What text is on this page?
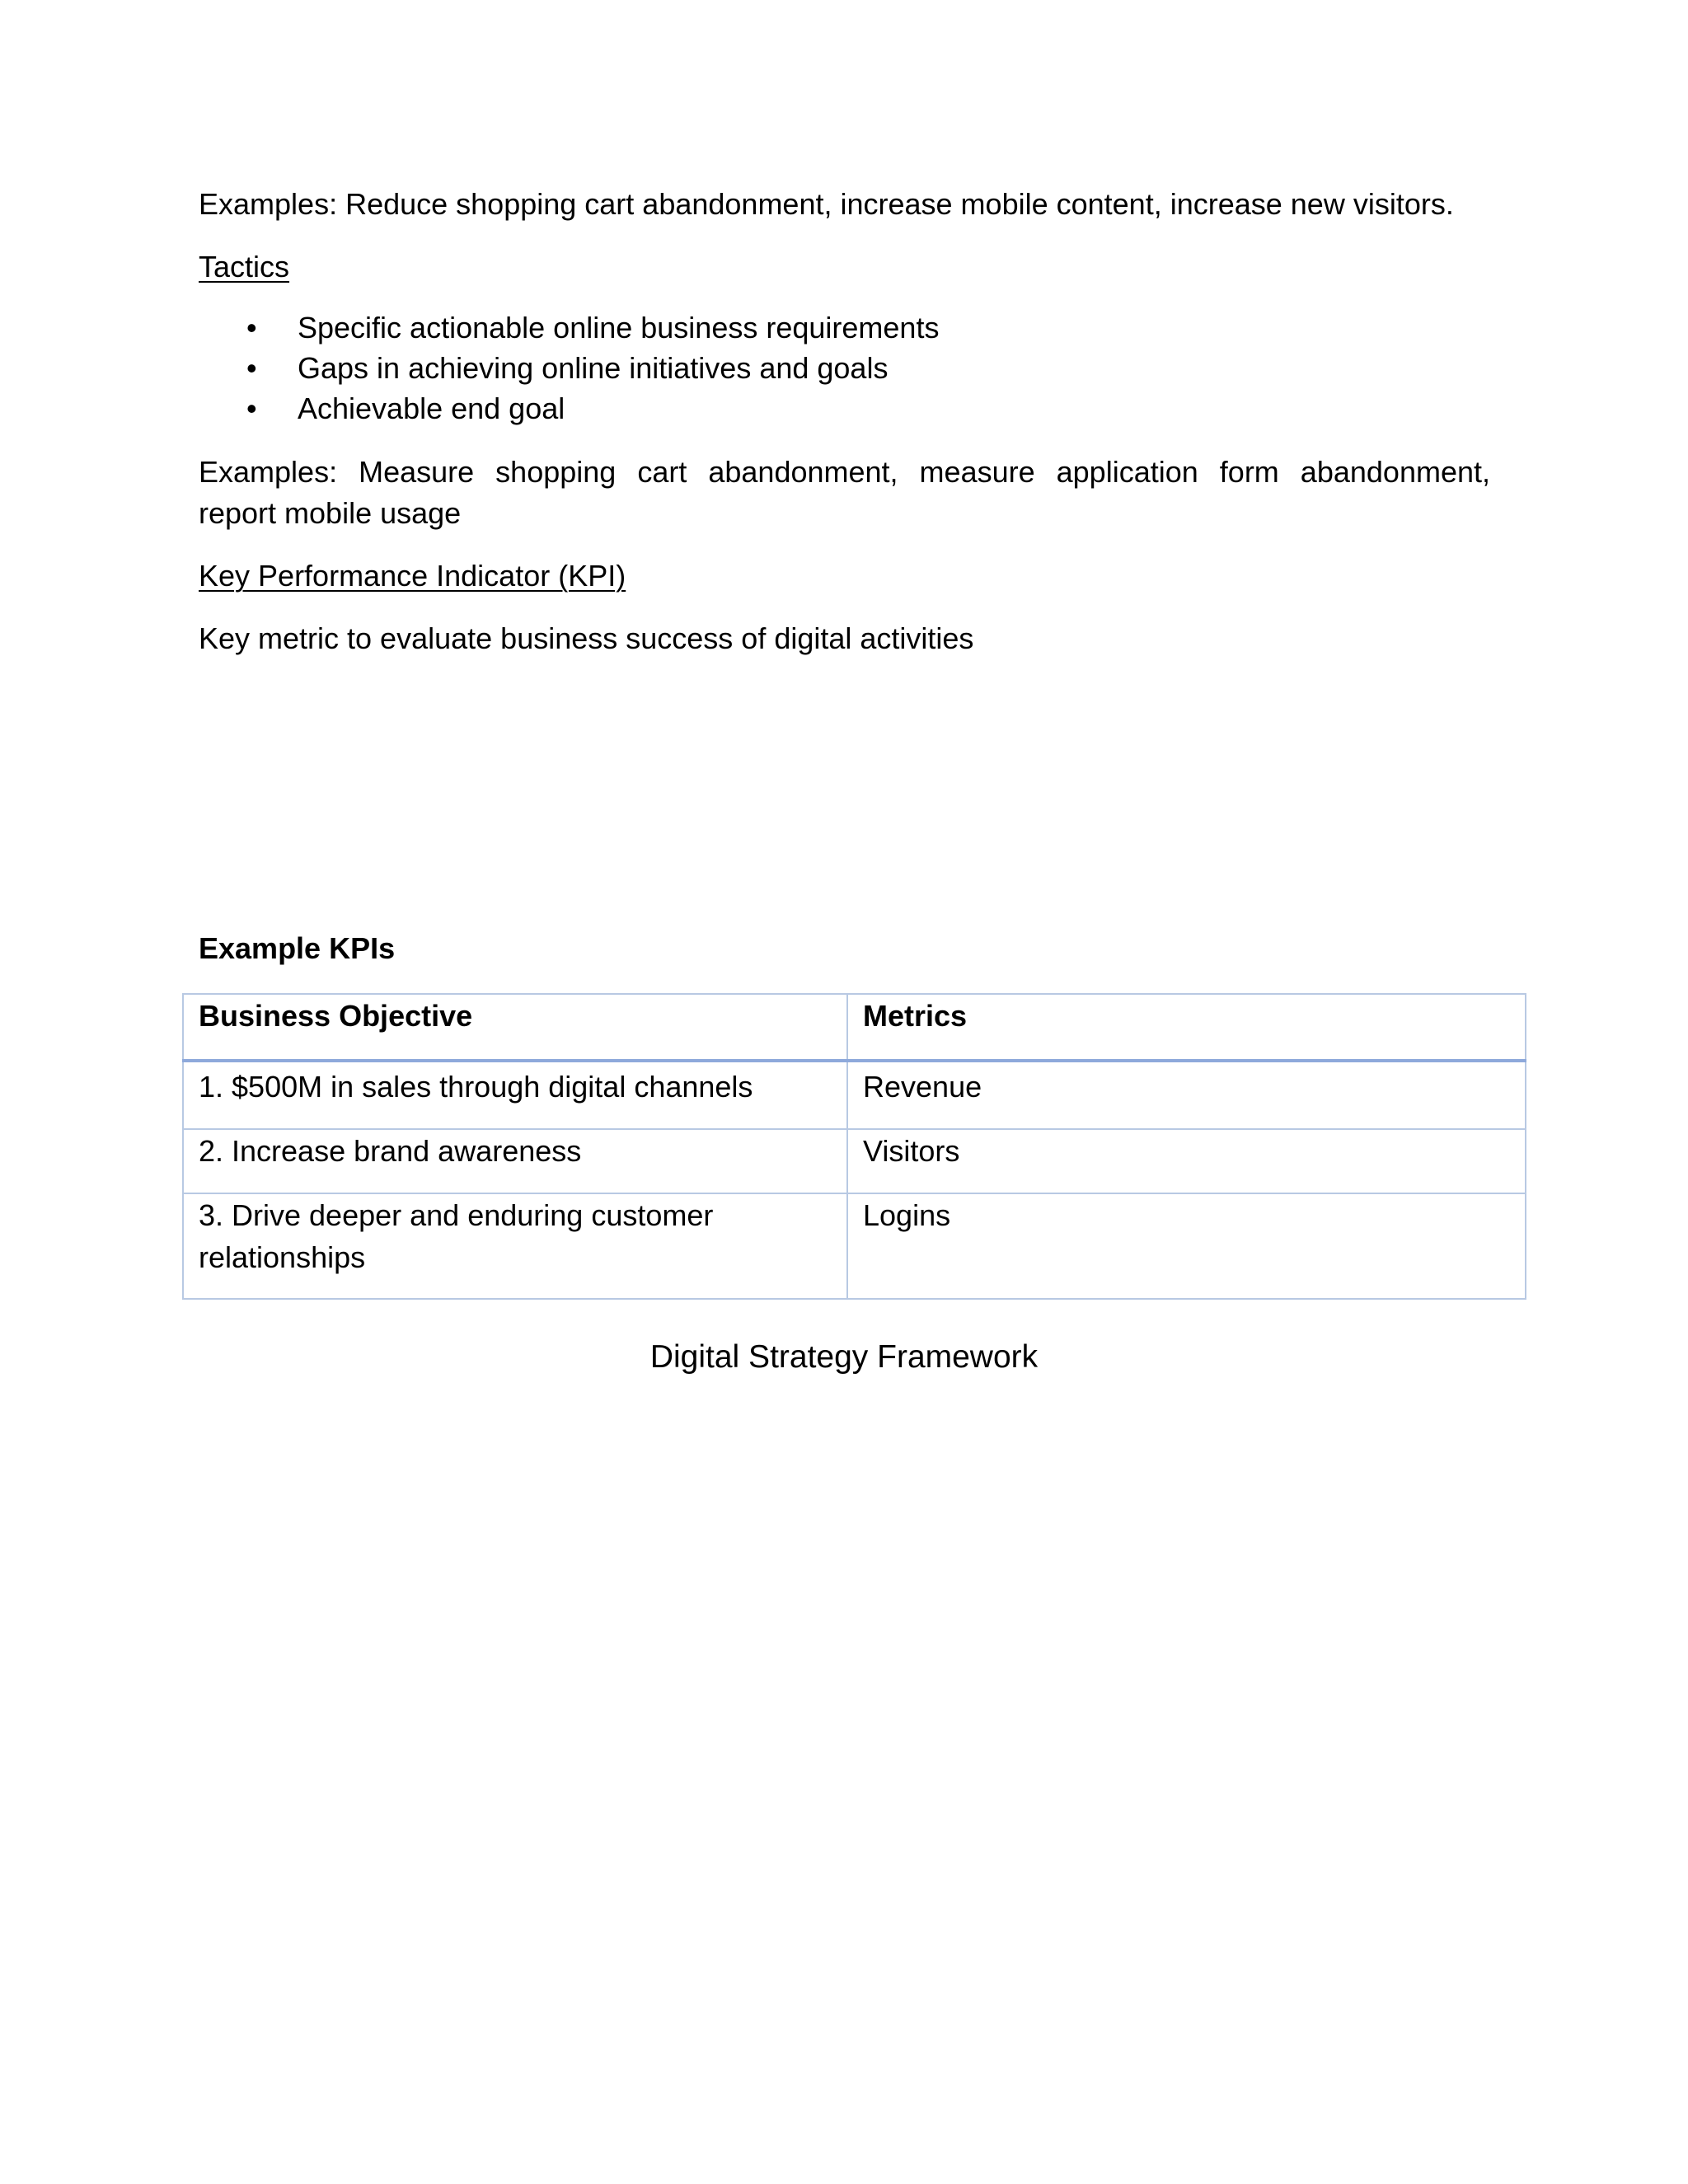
Examples: Reduce shopping cart abandonment, increase mobile content, increase new visitors.
Tactics
• Specific actionable online business requirements
• Gaps in achieving online initiatives and goals
• Achievable end goal
Examples: Measure shopping cart abandonment, measure application form abandonment,
report mobile usage
Key Performance Indicator (KPI)
Key metric to evaluate business success of digital activities
Example KPIs
Business Objective	Metrics
1. $500M in sales through digital channels	Revenue
2. Increase brand awareness	Visitors
3. Drive deeper and enduring customer relationships	Logins
Digital Strategy Framework
